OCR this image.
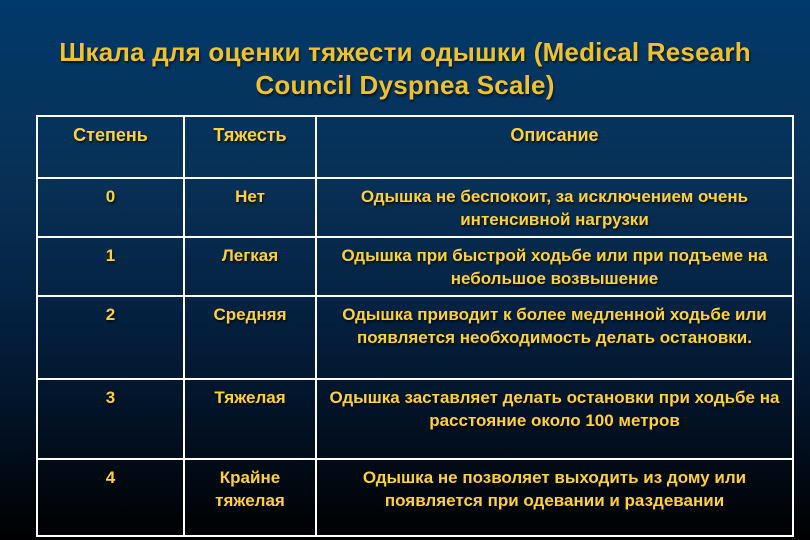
Шкала для оценки тяжести одышки (Medical Researh Council Dyspnea Scale)
Степень	Тяжесть	Описание
0	Нет	Одышка не беспокоит, за исключением очень интенсивной нагрузки
1	Легкая	Одышка при быстрой ходьбе или при подъеме на небольшое возвышение
2	Средняя	Одышка приводит к более медленной ходьбе или появляется необходимость делать остановки.
3	Тяжелая	Одышка заставляет делать остановки при ходьбе на расстояние около 100 метров
4	Крайне тяжелая	Одышка не позволяет выходить из дому или появляется при одевании и раздевании
